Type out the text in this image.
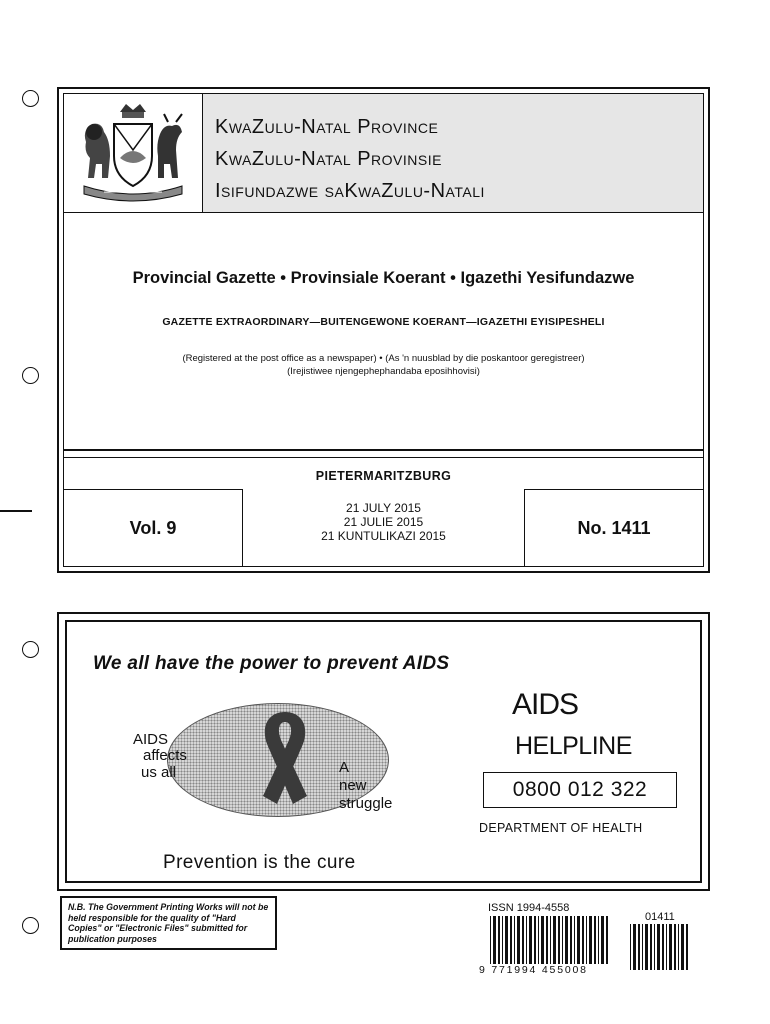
KwaZulu-Natal Province
KwaZulu-Natal Provinsie
Isifundazwe saKwaZulu-Natali
Provincial Gazette • Provinsiale Koerant • Igazethi Yesifundazwe
GAZETTE EXTRAORDINARY—BUITENGEWONE KOERANT—IGAZETHI EYISIPESHELI
(Registered at the post office as a newspaper) • (As 'n nuusblad by die poskantoor geregistreer)
(Irejistiwee njengephephandaba eposihhovisi)
PIETERMARITZBURG
Vol. 9
21 JULY 2015
21 JULIE 2015
21 KUNTULIKAZI 2015	No. 1411
We all have the power to prevent AIDS
AIDS
affects
us all	A
new
struggle
Prevention is the cure
AIDS
HELPLINE
0800 012 322
DEPARTMENT OF HEALTH
N.B. The Government Printing Works will not be held responsible for the quality of "Hard Copies" or "Electronic Files" submitted for publication purposes
ISSN 1994-4558
9 771994 455008
01411
